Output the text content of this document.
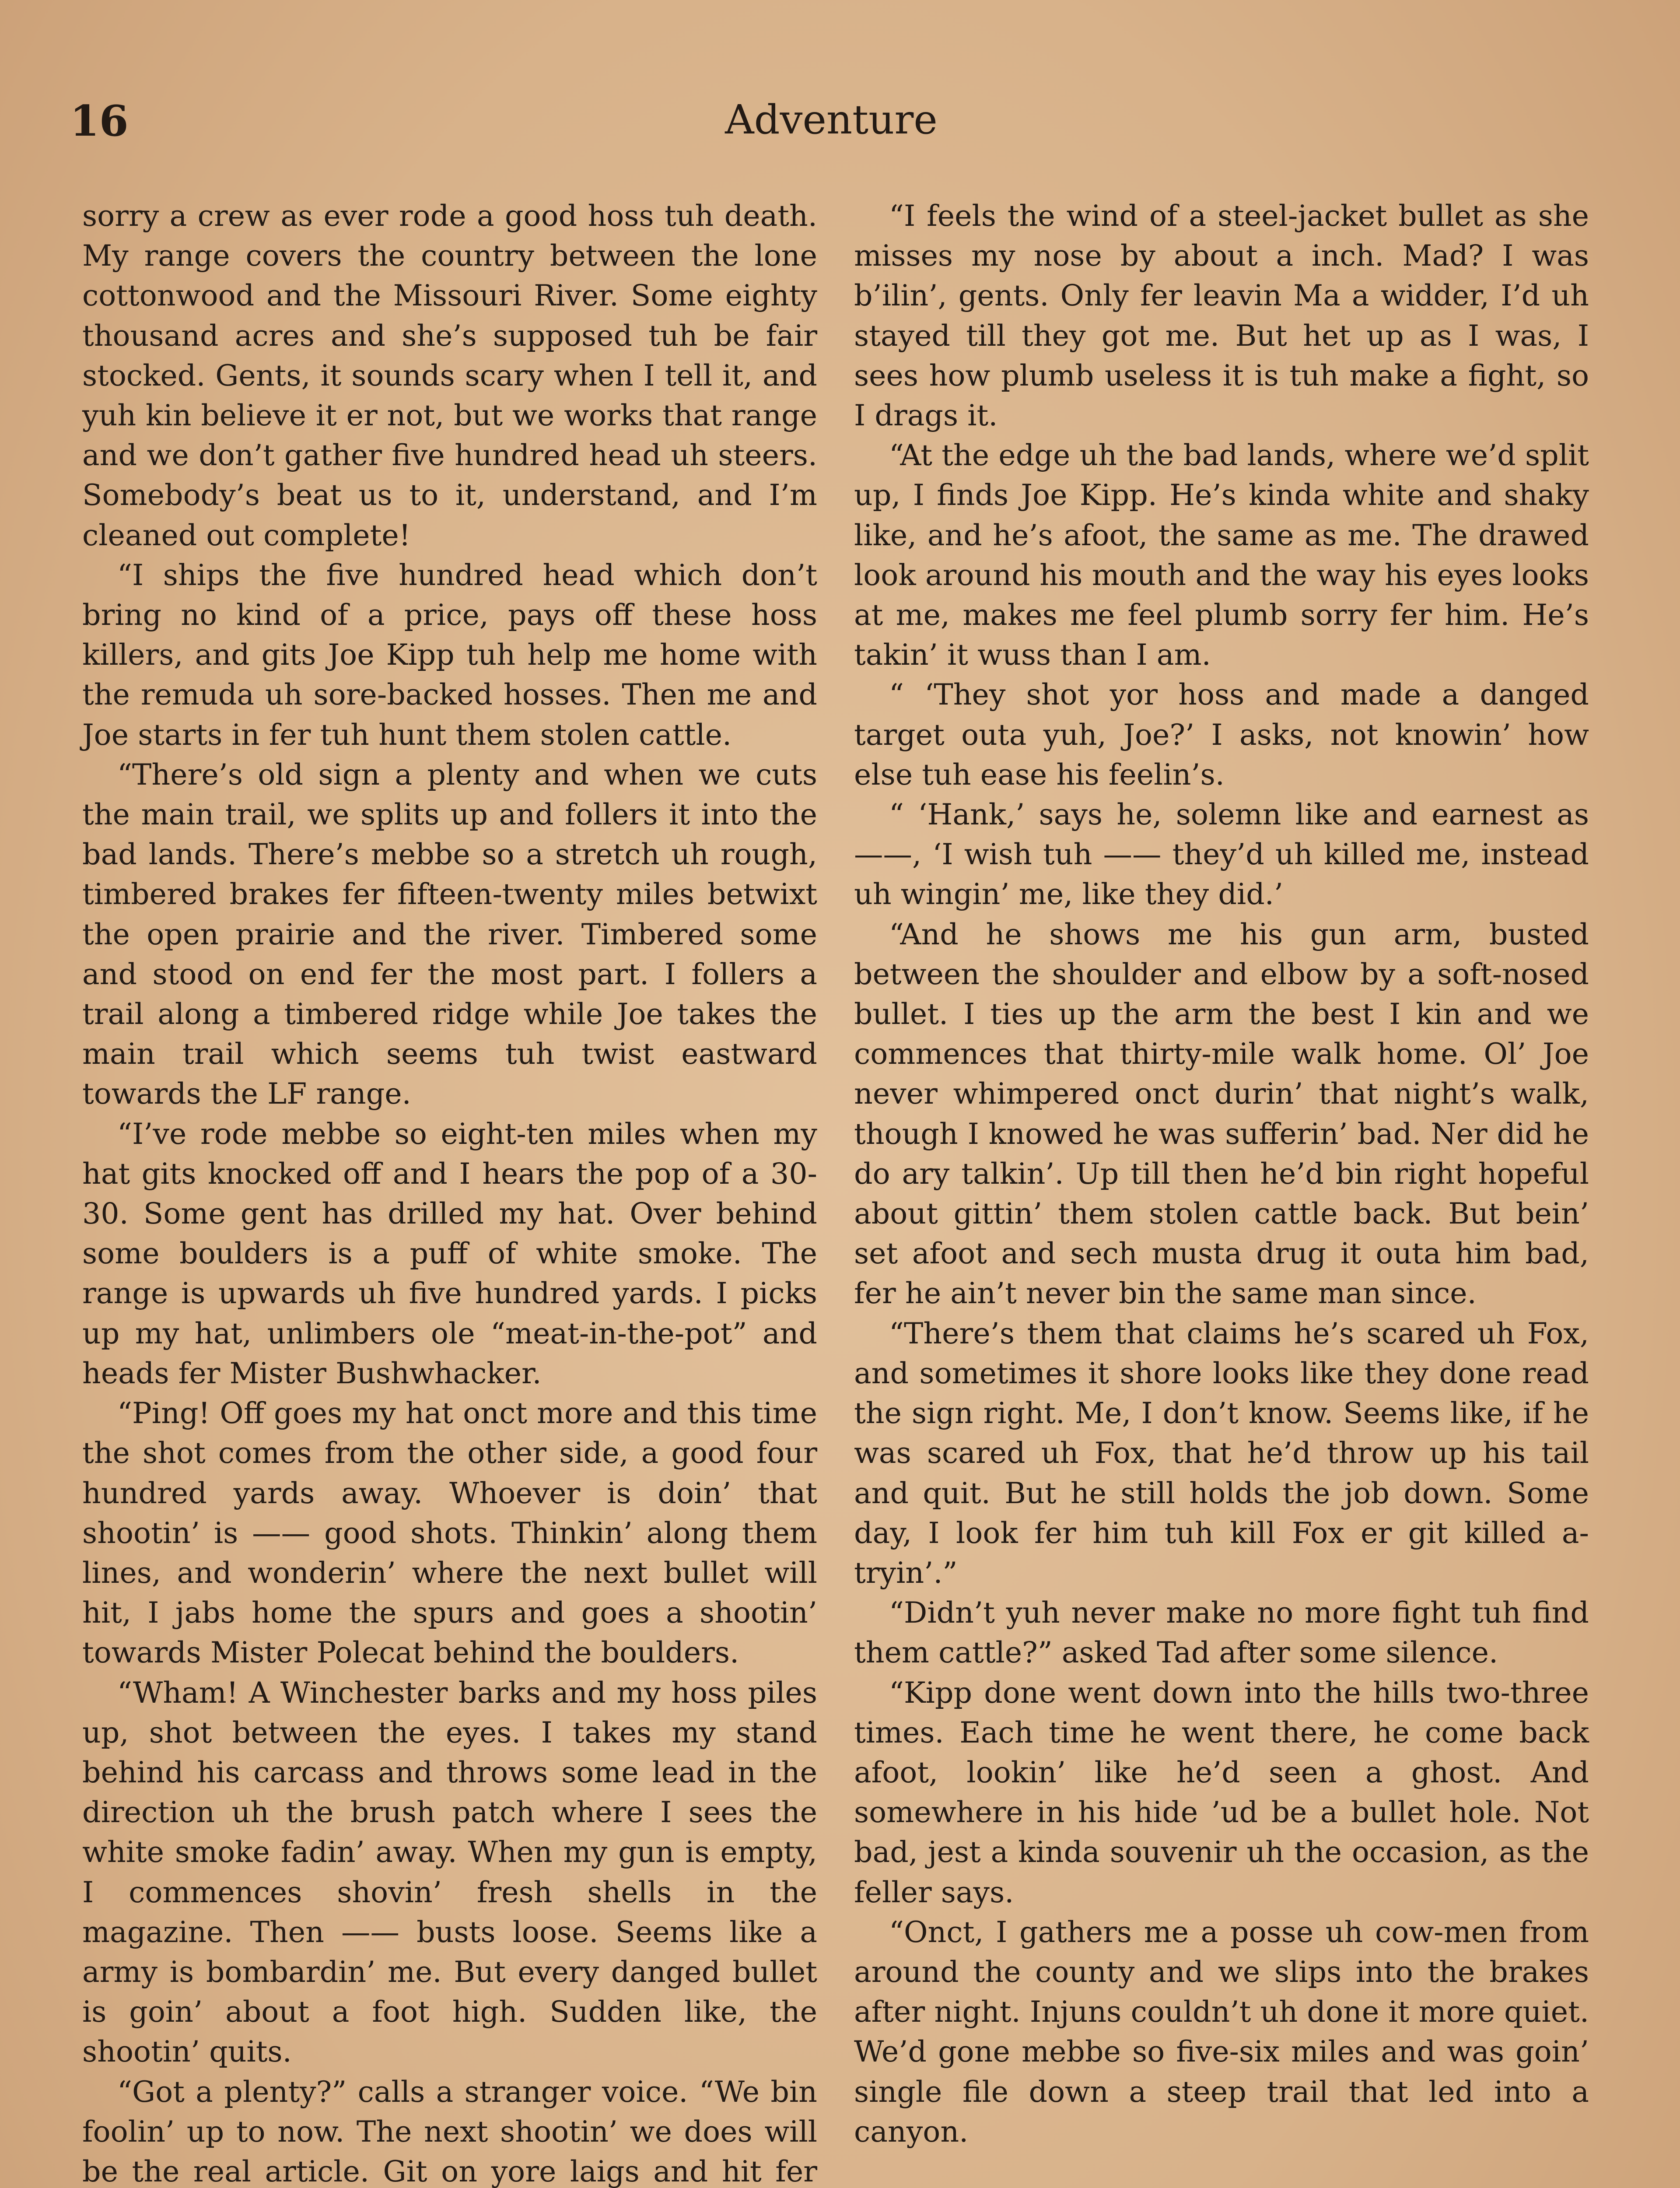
16	Adventure

sorry a crew as ever rode a good hoss tuh death. My range covers the country between the lone cottonwood and the Missouri River. Some eighty thousand acres and she’s supposed tuh be fair stocked. Gents, it sounds scary when I tell it, and yuh kin believe it er not, but we works that range and we don’t gather five hundred head uh steers. Somebody’s beat us to it, understand, and I’m cleaned out complete!

“I ships the five hundred head which don’t bring no kind of a price, pays off these hoss killers, and gits Joe Kipp tuh help me home with the remuda uh sore-backed hosses. Then me and Joe starts in fer tuh hunt them stolen cattle.

“There’s old sign a plenty and when we cuts the main trail, we splits up and follers it into the bad lands. There’s mebbe so a stretch uh rough, timbered brakes fer fifteen-twenty miles betwixt the open prairie and the river. Timbered some and stood on end fer the most part. I follers a trail along a timbered ridge while Joe takes the main trail which seems tuh twist eastward towards the LF range.

“I’ve rode mebbe so eight-ten miles when my hat gits knocked off and I hears the pop of a 30-30. Some gent has drilled my hat. Over behind some boulders is a puff of white smoke. The range is upwards uh five hundred yards. I picks up my hat, unlimbers ole “meat-in-the-pot” and heads fer Mister Bushwhacker.

“Ping! Off goes my hat onct more and this time the shot comes from the other side, a good four hundred yards away. Whoever is doin’ that shootin’ is —— good shots. Thinkin’ along them lines, and wonderin’ where the next bullet will hit, I jabs home the spurs and goes a shootin’ towards Mister Polecat behind the boulders.

“Wham! A Winchester barks and my hoss piles up, shot between the eyes. I takes my stand behind his carcass and throws some lead in the direction uh the brush patch where I sees the white smoke fadin’ away. When my gun is empty, I commences shovin’ fresh shells in the magazine. Then —— busts loose. Seems like a army is bombardin’ me. But every danged bullet is goin’ about a foot high. Sudden like, the shootin’ quits.

“Got a plenty?” calls a stranger voice. “We bin foolin’ up to now. The next shootin’ we does will be the real article. Git on yore laigs and hit fer

“I feels the wind of a steel-jacket bullet as she misses my nose by about a inch. Mad? I was b’ilin’, gents. Only fer leavin Ma a widder, I’d uh stayed till they got me. But het up as I was, I sees how plumb useless it is tuh make a fight, so I drags it.

“At the edge uh the bad lands, where we’d split up, I finds Joe Kipp. He’s kinda white and shaky like, and he’s afoot, the same as me. The drawed look around his mouth and the way his eyes looks at me, makes me feel plumb sorry fer him. He’s takin’ it wuss than I am.

“ ‘They shot yor hoss and made a danged target outa yuh, Joe?’ I asks, not knowin’ how else tuh ease his feelin’s.

“ ‘Hank,’ says he, solemn like and earnest as ——, ‘I wish tuh —— they’d uh killed me, instead uh wingin’ me, like they did.’

“And he shows me his gun arm, busted between the shoulder and elbow by a soft-nosed bullet. I ties up the arm the best I kin and we commences that thirty-mile walk home. Ol’ Joe never whimpered onct durin’ that night’s walk, though I knowed he was sufferin’ bad. Ner did he do ary talkin’. Up till then he’d bin right hopeful about gittin’ them stolen cattle back. But bein’ set afoot and sech musta drug it outa him bad, fer he ain’t never bin the same man since.

“There’s them that claims he’s scared uh Fox, and sometimes it shore looks like they done read the sign right. Me, I don’t know. Seems like, if he was scared uh Fox, that he’d throw up his tail and quit. But he still holds the job down. Some day, I look fer him tuh kill Fox er git killed a-tryin’.”

“Didn’t yuh never make no more fight tuh find them cattle?” asked Tad after some silence.

“Kipp done went down into the hills two-three times. Each time he went there, he come back afoot, lookin’ like he’d seen a ghost. And somewhere in his hide ’ud be a bullet hole. Not bad, jest a kinda souvenir uh the occasion, as the feller says.

“Onct, I gathers me a posse uh cow-men from around the county and we slips into the brakes after night. Injuns couldn’t uh done it more quiet. We’d gone mebbe so five-six miles and was goin’ single file down a steep trail that led into a canyon.
